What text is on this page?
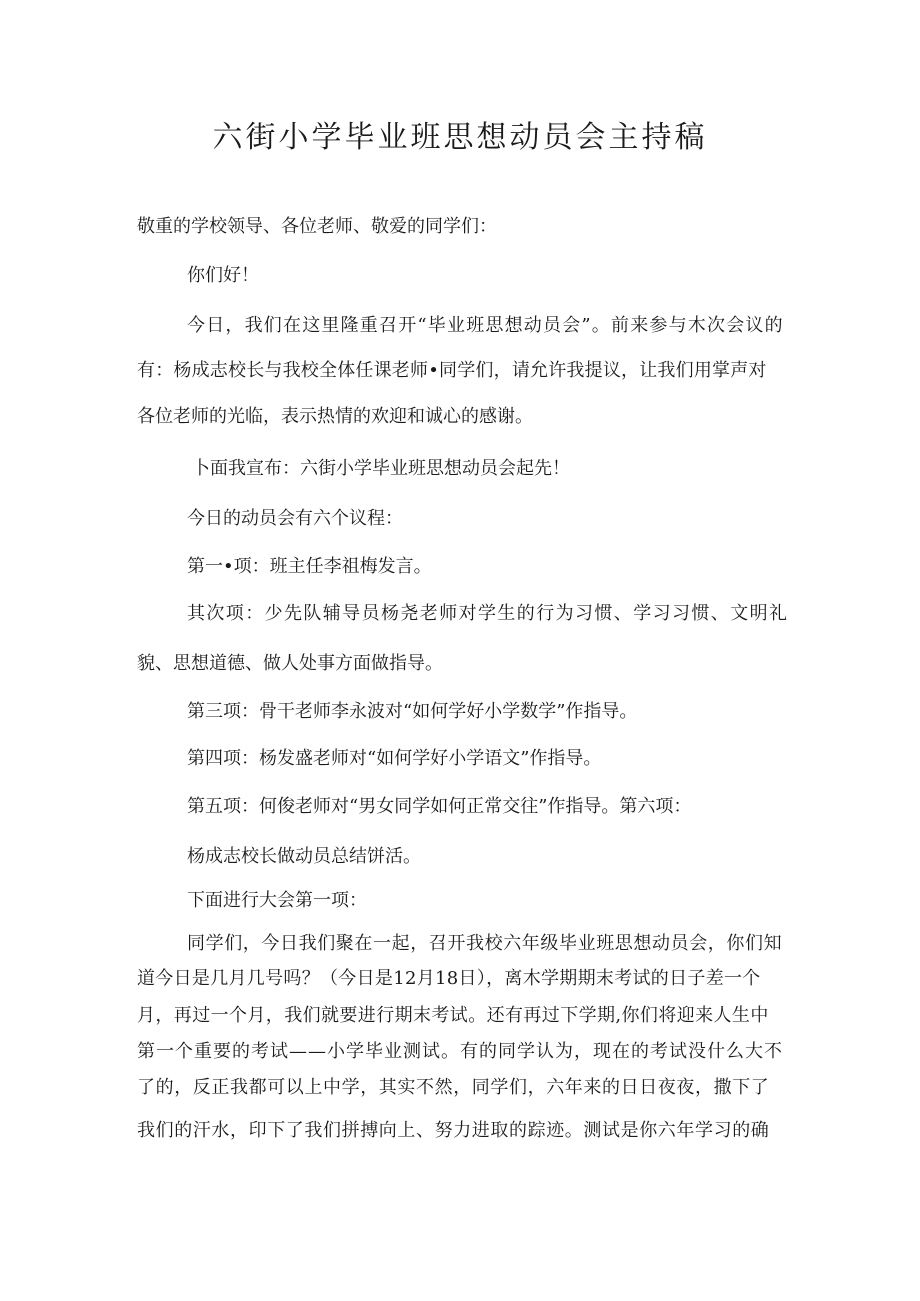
六街小学毕业班思想动员会主持稿

敬重的学校领导、各位老师、敬爱的同学们：

你们好！

今日，我们在这里隆重召开“毕业班思想动员会”。前来参与木次会议的

有：杨成志校长与我校全体任课老师•同学们，请允许我提议，让我们用掌声对

各位老师的光临，表示热情的欢迎和诚心的感谢。

卜面我宣布：六街小学毕业班思想动员会起先！

今日的动员会有六个议程：

第一•项：班主任李祖梅发言。

其次项：少先队辅导员杨尧老师对学生的行为习惯、学习习惯、文明礼

貌、思想道德、做人处事方面做指导。

第三项：骨干老师李永波对“如何学好小学数学”作指导。

第四项：杨发盛老师对“如何学好小学语文”作指导。

第五项：何俊老师对“男女同学如何正常交往”作指导。第六项：

杨成志校长做动员总结饼活。

下面进行大会第一项：

同学们，今日我们聚在一起，召开我校六年级毕业班思想动员会，你们知

道今日是几月几号吗？（今日是12月18日），离木学期期末考试的日子差一个

月，再过一个月，我们就要进行期末考试。还有再过下学期,你们将迎来人生中

第一个重要的考试——小学毕业测试。有的同学认为，现在的考试没什么大不

了的，反正我都可以上中学，其实不然，同学们，六年来的日日夜夜，撒下了

我们的汗水，印下了我们拼搏向上、努力进取的踪迹。测试是你六年学习的确
